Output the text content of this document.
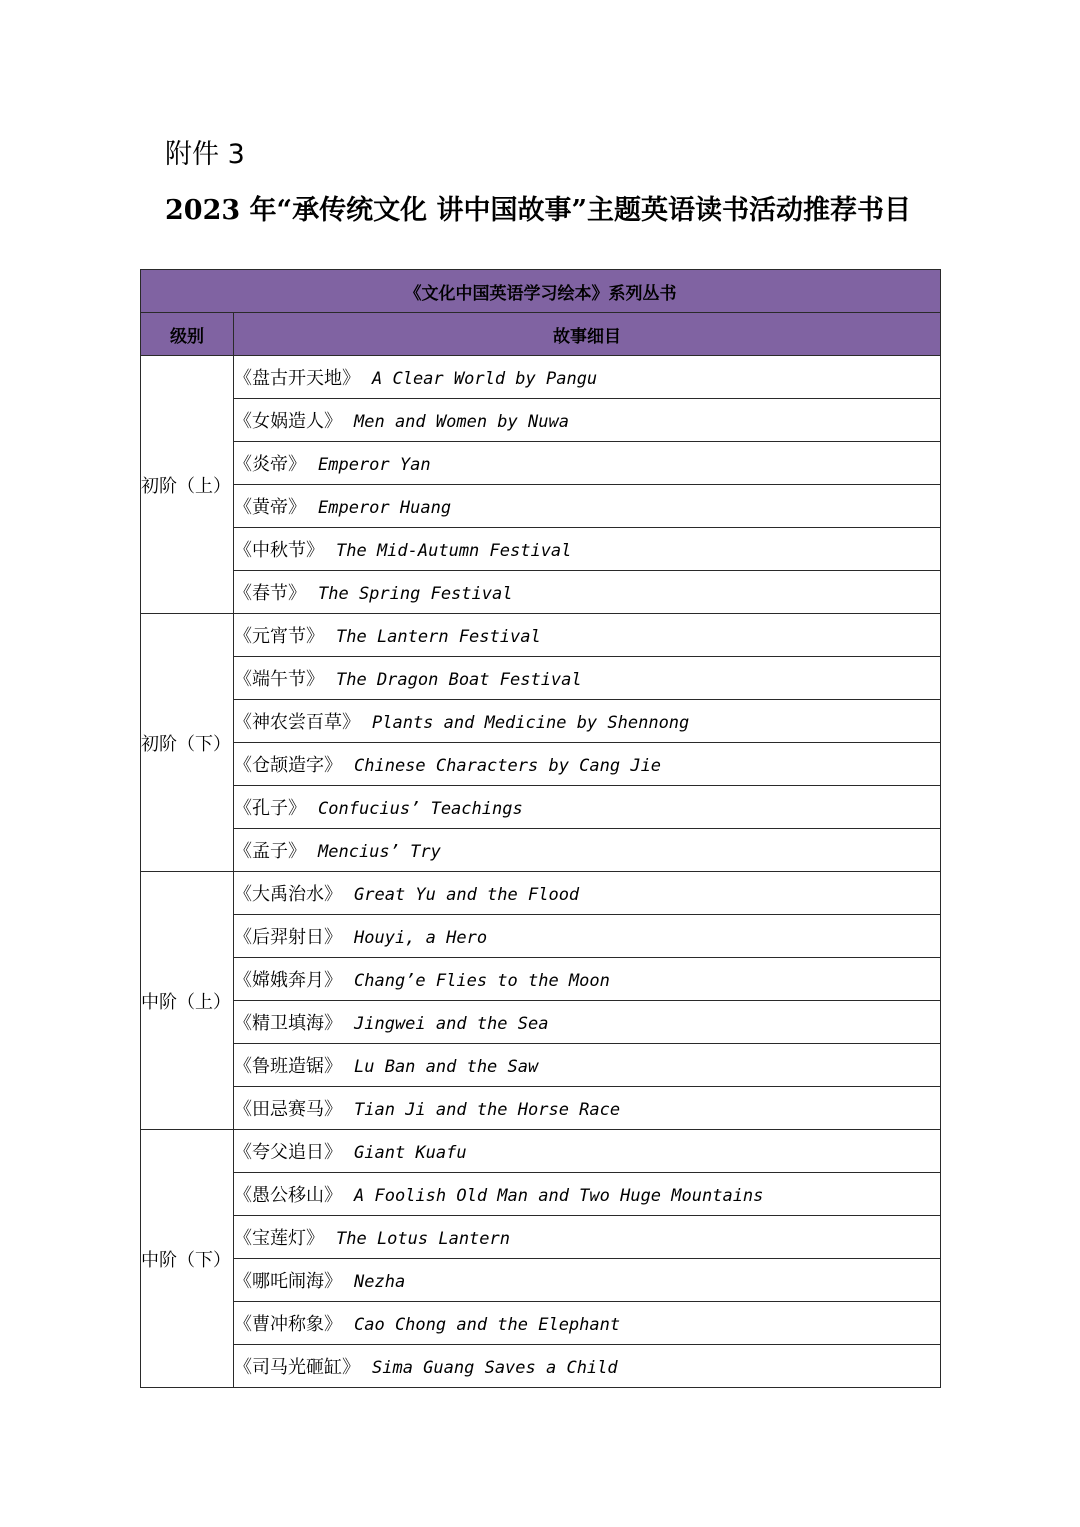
附件 3
2023 年“承传统文化 讲中国故事”主题英语读书活动推荐书目
《文化中国英语学习绘本》系列丛书	
级别	故事细目
初阶（上）	《盘古开天地》 A Clear World by Pangu
	《女娲造人》 Men and Women by Nuwa
	《炎帝》 Emperor Yan
	《黄帝》 Emperor Huang
	《中秋节》 The Mid-Autumn Festival
	《春节》 The Spring Festival
初阶（下）	《元宵节》 The Lantern Festival
	《端午节》 The Dragon Boat Festival
	《神农尝百草》 Plants and Medicine by Shennong
	《仓颉造字》 Chinese Characters by Cang Jie
	《孔子》 Confucius’ Teachings
	《孟子》 Mencius’ Try
中阶（上）	《大禹治水》 Great Yu and the Flood
	《后羿射日》 Houyi, a Hero
	《嫦娥奔月》 Chang’e Flies to the Moon
	《精卫填海》 Jingwei and the Sea
	《鲁班造锯》 Lu Ban and the Saw
	《田忌赛马》 Tian Ji and the Horse Race
中阶（下）	《夸父追日》 Giant Kuafu
	《愚公移山》 A Foolish Old Man and Two Huge Mountains
	《宝莲灯》 The Lotus Lantern
	《哪吒闹海》 Nezha
	《曹冲称象》 Cao Chong and the Elephant
	《司马光砸缸》 Sima Guang Saves a Child
